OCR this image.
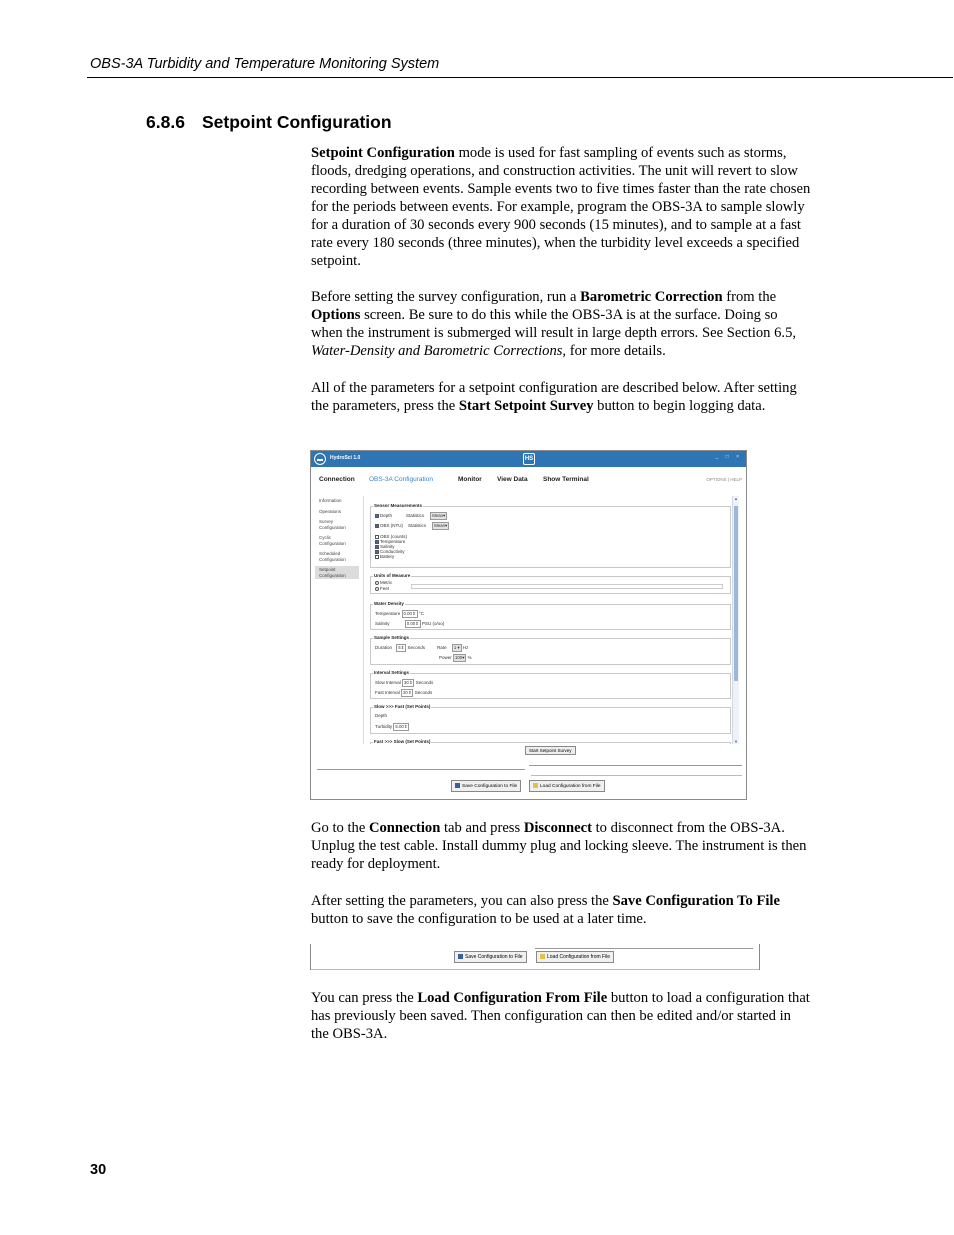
OBS-3A Turbidity and Temperature Monitoring System
6.8.6 Setpoint Configuration

Setpoint Configuration mode is used for fast sampling of events such as storms, floods, dredging operations, and construction activities. The unit will revert to slow recording between events. Sample events two to five times faster than the rate chosen for the periods between events. For example, program the OBS-3A to sample slowly for a duration of 30 seconds every 900 seconds (15 minutes), and to sample at a fast rate every 180 seconds (three minutes), when the turbidity level exceeds a specified setpoint.

Before setting the survey configuration, run a Barometric Correction from the Options screen. Be sure to do this while the OBS-3A is at the surface. Doing so when the instrument is submerged will result in large depth errors. See Section 6.5, Water-Density and Barometric Corrections, for more details.

All of the parameters for a setpoint configuration are described below. After setting the parameters, press the Start Setpoint Survey button to begin logging data.

HydroSci 1.0	HS	_ □ ×
Connection OBS-3A Configuration	Monitor View Data Show Terminal	OPTIONS | HELP
Information
Operations
Survey Configuration
Cyclic Configuration
Scheduled Configuration
Setpoint Configuration
Sensor Measurements
Depth	Statistics Mean▾
OBS (NTU) Statistics Mean▾
OBS (counts)
Temperature
Salinity
Conductivity
Battery
Units of Measure
Metric
Feet
Water Density
Temperature 0.00⇕ °C
Salinity	0.00⇕ PSU (o/oo)
Sample Settings
Duration 5⇕ Seconds	Rate 1 ▾ Hz
Power 100▾ %
Interval Settings
Slow Interval 30⇕ Seconds
Fast Interval 20⇕ Seconds
Slow >>> Fast (Set Points)
Depth
Turbidity 5.00⇕
Fast >>> Slow (Set Points)
▲
▼
Start Setpoint Survey
Save Configuration to File	Load Configuration from File

Go to the Connection tab and press Disconnect to disconnect from the OBS-3A. Unplug the test cable. Install dummy plug and locking sleeve. The instrument is then ready for deployment.

After setting the parameters, you can also press the Save Configuration To File button to save the configuration to be used at a later time.

Save Configuration to File	Load Configuration from File

You can press the Load Configuration From File button to load a configuration that has previously been saved. Then configuration can then be edited and/or started in the OBS-3A.

30
